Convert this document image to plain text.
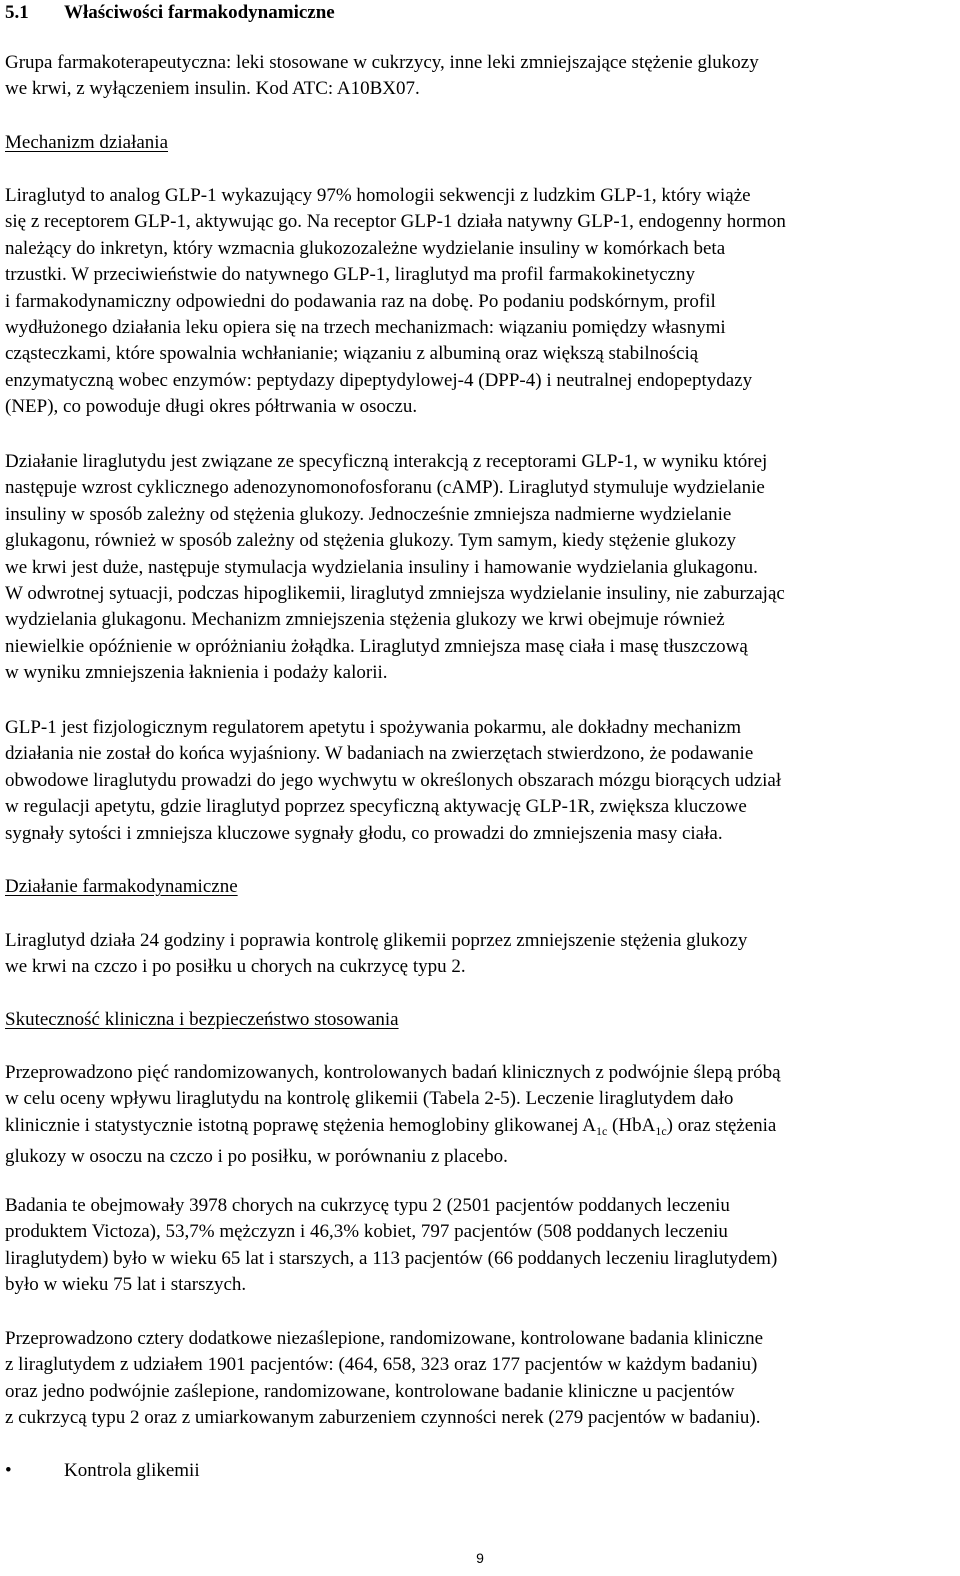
5.1 Właściwości farmakodynamiczne
Grupa farmakoterapeutyczna: leki stosowane w cukrzycy, inne leki zmniejszające stężenie glukozy
we krwi, z wyłączeniem insulin. Kod ATC: A10BX07.
Mechanizm działania
Liraglutyd to analog GLP-1 wykazujący 97% homologii sekwencji z ludzkim GLP-1, który wiąże
się z receptorem GLP-1, aktywując go. Na receptor GLP-1 działa natywny GLP-1, endogenny hormon
należący do inkretyn, który wzmacnia glukozozależne wydzielanie insuliny w komórkach beta
trzustki. W przeciwieństwie do natywnego GLP-1, liraglutyd ma profil farmakokinetyczny
i farmakodynamiczny odpowiedni do podawania raz na dobę. Po podaniu podskórnym, profil
wydłużonego działania leku opiera się na trzech mechanizmach: wiązaniu pomiędzy własnymi
cząsteczkami, które spowalnia wchłanianie; wiązaniu z albuminą oraz większą stabilnością
enzymatyczną wobec enzymów: peptydazy dipeptydylowej-4 (DPP-4) i neutralnej endopeptydazy
(NEP), co powoduje długi okres półtrwania w osoczu.
Działanie liraglutydu jest związane ze specyficzną interakcją z receptorami GLP-1, w wyniku której
następuje wzrost cyklicznego adenozynomonofosforanu (cAMP). Liraglutyd stymuluje wydzielanie
insuliny w sposób zależny od stężenia glukozy. Jednocześnie zmniejsza nadmierne wydzielanie
glukagonu, również w sposób zależny od stężenia glukozy. Tym samym, kiedy stężenie glukozy
we krwi jest duże, następuje stymulacja wydzielania insuliny i hamowanie wydzielania glukagonu.
W odwrotnej sytuacji, podczas hipoglikemii, liraglutyd zmniejsza wydzielanie insuliny, nie zaburzając
wydzielania glukagonu. Mechanizm zmniejszenia stężenia glukozy we krwi obejmuje również
niewielkie opóźnienie w opróżnianiu żołądka. Liraglutyd zmniejsza masę ciała i masę tłuszczową
w wyniku zmniejszenia łaknienia i podaży kalorii.
GLP-1 jest fizjologicznym regulatorem apetytu i spożywania pokarmu, ale dokładny mechanizm
działania nie został do końca wyjaśniony. W badaniach na zwierzętach stwierdzono, że podawanie
obwodowe liraglutydu prowadzi do jego wychwytu w określonych obszarach mózgu biorących udział
w regulacji apetytu, gdzie liraglutyd poprzez specyficzną aktywację GLP-1R, zwiększa kluczowe
sygnały sytości i zmniejsza kluczowe sygnały głodu, co prowadzi do zmniejszenia masy ciała.
Działanie farmakodynamiczne
Liraglutyd działa 24 godziny i poprawia kontrolę glikemii poprzez zmniejszenie stężenia glukozy
we krwi na czczo i po posiłku u chorych na cukrzycę typu 2.
Skuteczność kliniczna i bezpieczeństwo stosowania
Przeprowadzono pięć randomizowanych, kontrolowanych badań klinicznych z podwójnie ślepą próbą
w celu oceny wpływu liraglutydu na kontrolę glikemii (Tabela 2-5). Leczenie liraglutydem dało
klinicznie i statystycznie istotną poprawę stężenia hemoglobiny glikowanej $A_{1c}$ (HbA$_{1c}$) oraz stężenia
glukozy w osoczu na czczo i po posiłku, w porównaniu z placebo.
Badania te obejmowały 3978 chorych na cukrzycę typu 2 (2501 pacjentów poddanych leczeniu
produktem Victoza), 53,7% mężczyzn i 46,3% kobiet, 797 pacjentów (508 poddanych leczeniu
liraglutydem) było w wieku 65 lat i starszych, a 113 pacjentów (66 poddanych leczeniu liraglutydem)
było w wieku 75 lat i starszych.
Przeprowadzono cztery dodatkowe niezaślepione, randomizowane, kontrolowane badania kliniczne
z liraglutydem z udziałem 1901 pacjentów: (464, 658, 323 oraz 177 pacjentów w każdym badaniu)
oraz jedno podwójnie zaślepione, randomizowane, kontrolowane badanie kliniczne u pacjentów
z cukrzycą typu 2 oraz z umiarkowanym zaburzeniem czynności nerek (279 pacjentów w badaniu).
•	Kontrola glikemii
9
